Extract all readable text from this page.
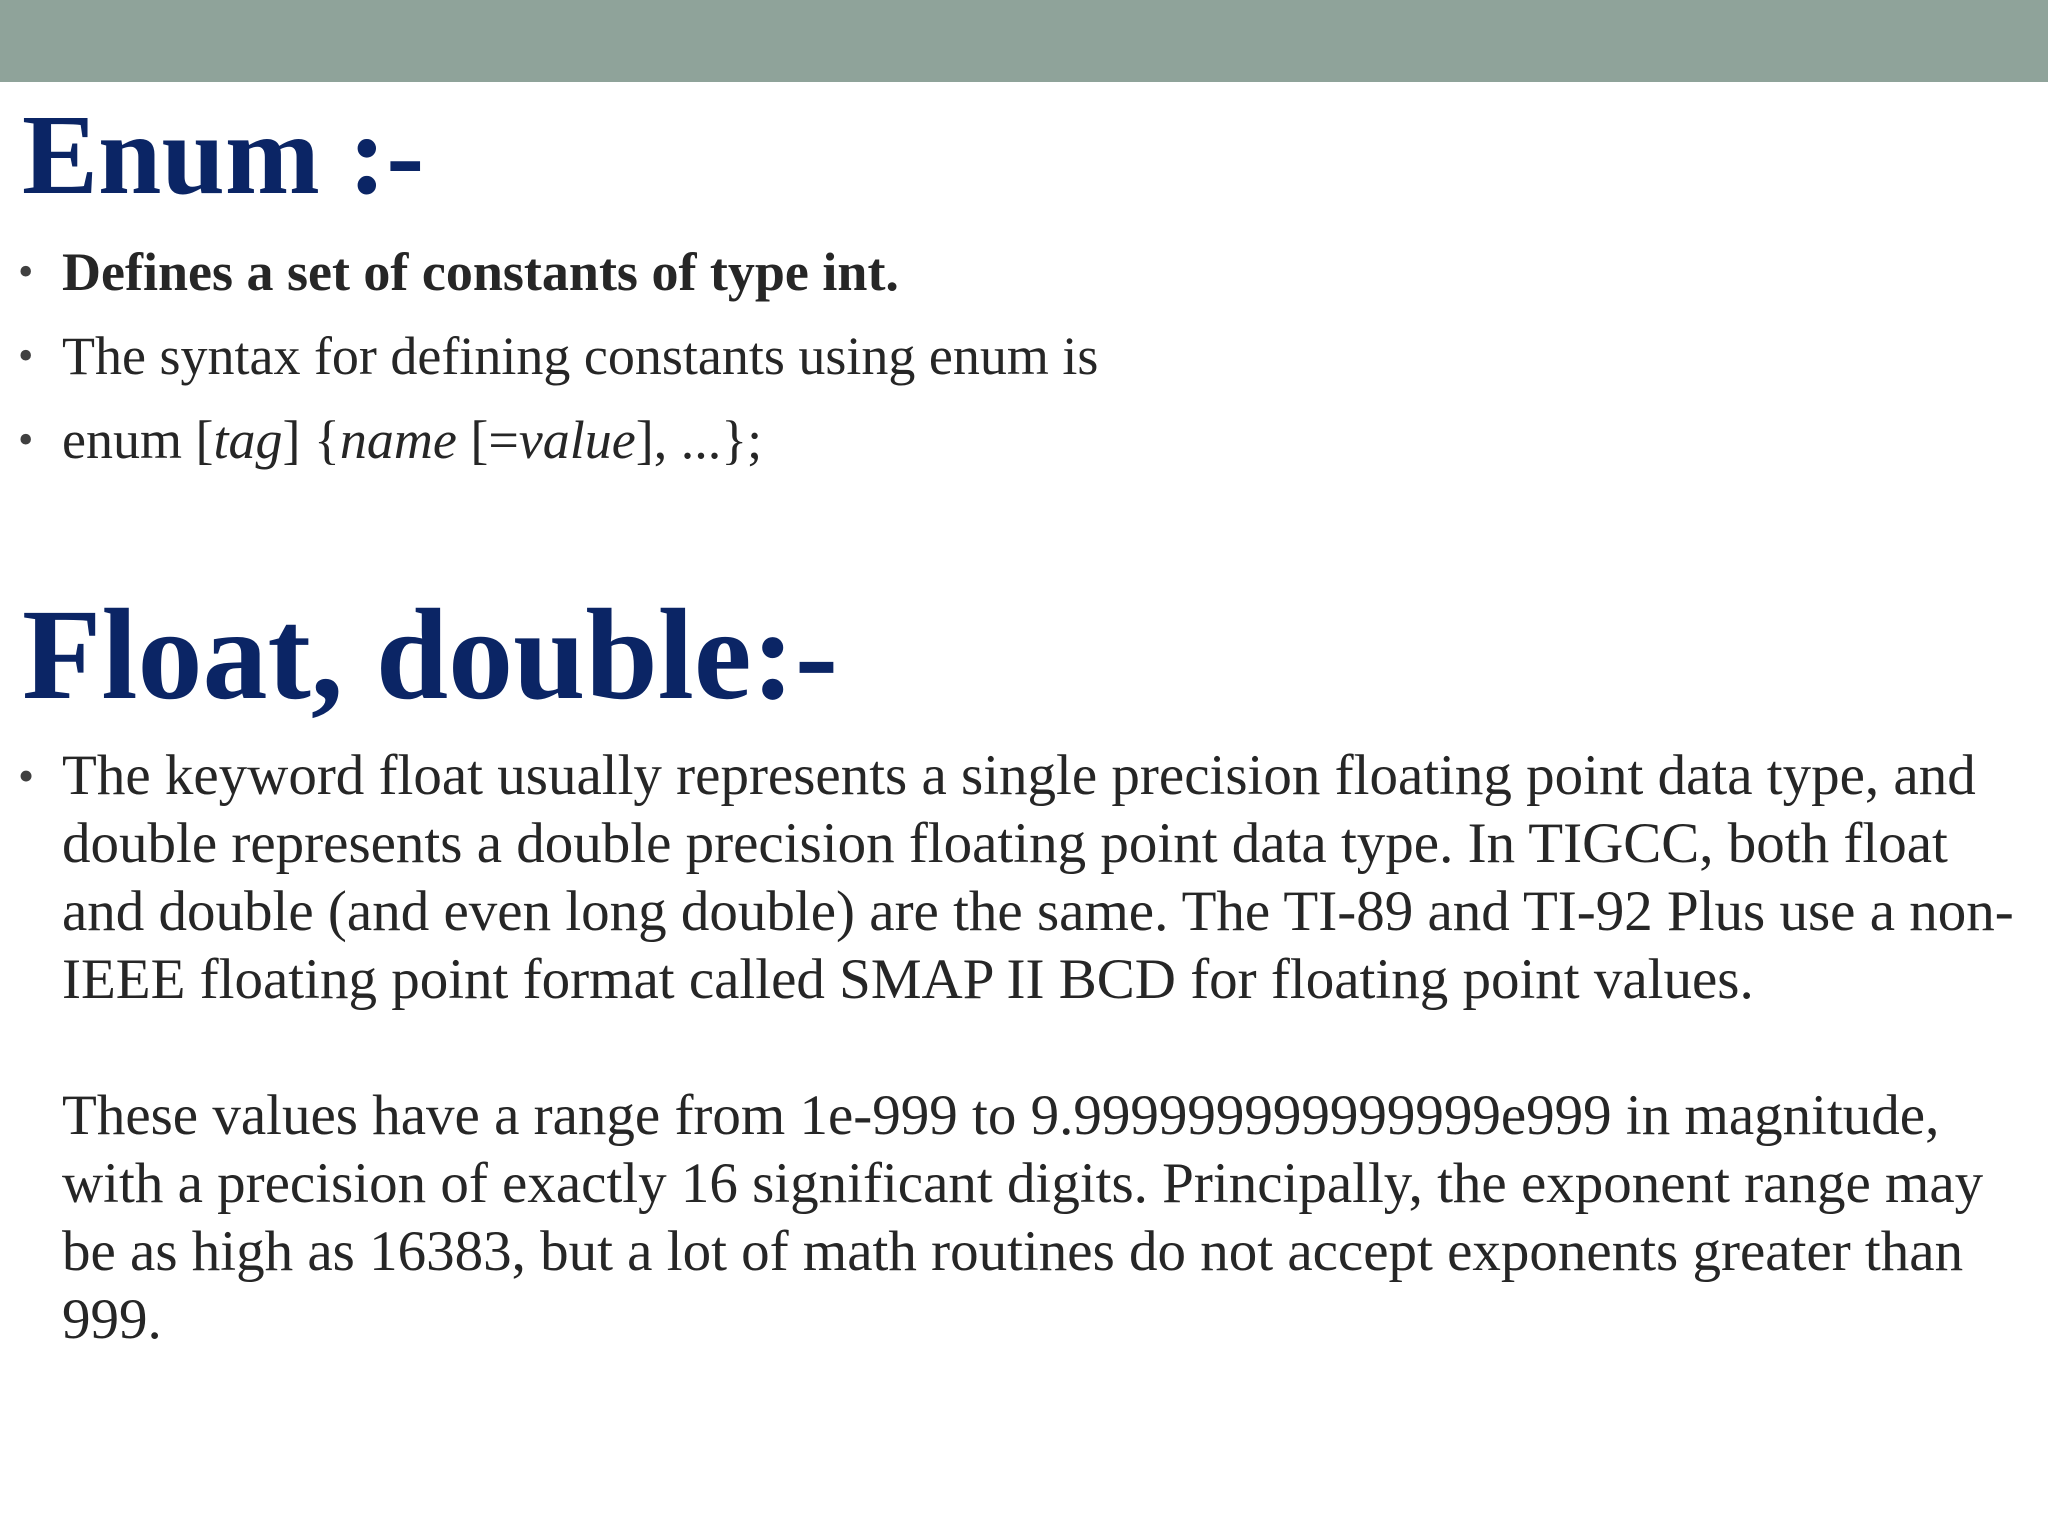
Enum :-
• Defines a set of constants of type int.
• The syntax for defining constants using enum is
• enum [tag] {name [=value], ...};
Float, double:-
• The keyword float usually represents a single precision floating point data type, and double represents a double precision floating point data type. In TIGCC, both float and double (and even long double) are the same. The TI-89 and TI-92 Plus use a non-IEEE floating point format called SMAP II BCD for floating point values.
These values have a range from 1e-999 to 9.999999999999999e999 in magnitude, with a precision of exactly 16 significant digits. Principally, the exponent range may be as high as 16383, but a lot of math routines do not accept exponents greater than 999.
